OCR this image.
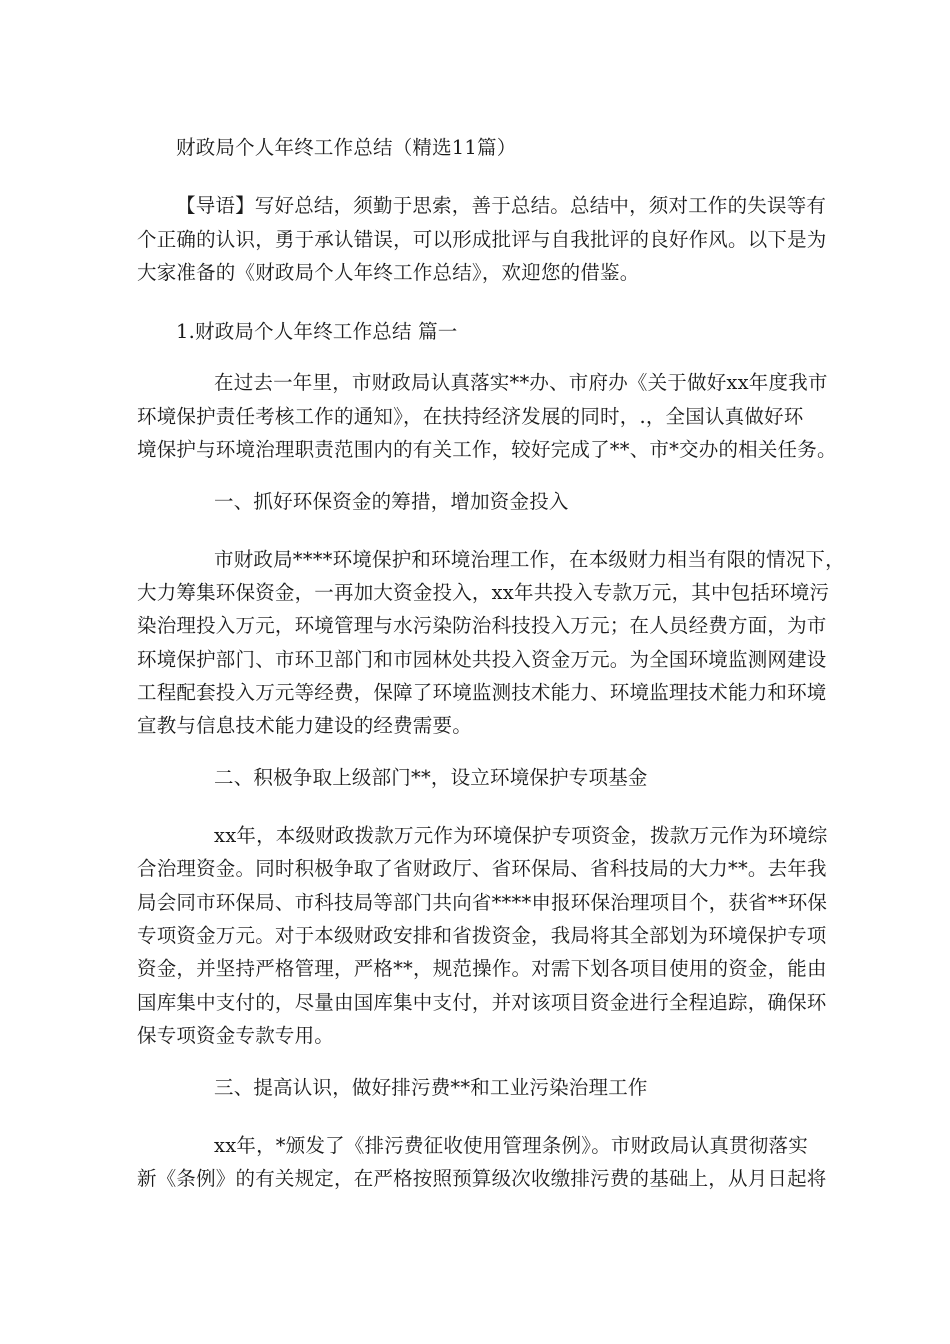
财政局个人年终工作总结（精选11篇）
【导语】写好总结，须勤于思索，善于总结。总结中，须对工作的失误等有
个正确的认识，勇于承认错误，可以形成批评与自我批评的良好作风。以下是为
大家准备的《财政局个人年终工作总结》，欢迎您的借鉴。
1.财政局个人年终工作总结 篇一
在过去一年里，市财政局认真落实**办、市府办《关于做好xx年度我市
环境保护责任考核工作的通知》，在扶持经济发展的同时，.，全国认真做好环
境保护与环境治理职责范围内的有关工作，较好完成了**、市*交办的相关任务。
一、抓好环保资金的筹措，增加资金投入
市财政局****环境保护和环境治理工作，在本级财力相当有限的情况下，
大力筹集环保资金，一再加大资金投入，xx年共投入专款万元，其中包括环境污
染治理投入万元，环境管理与水污染防治科技投入万元；在人员经费方面，为市
环境保护部门、市环卫部门和市园林处共投入资金万元。为全国环境监测网建设
工程配套投入万元等经费，保障了环境监测技术能力、环境监理技术能力和环境
宣教与信息技术能力建设的经费需要。
二、积极争取上级部门**，设立环境保护专项基金
xx年，本级财政拨款万元作为环境保护专项资金，拨款万元作为环境综
合治理资金。同时积极争取了省财政厅、省环保局、省科技局的大力**。去年我
局会同市环保局、市科技局等部门共向省****申报环保治理项目个，获省**环保
专项资金万元。对于本级财政安排和省拨资金，我局将其全部划为环境保护专项
资金，并坚持严格管理，严格**，规范操作。对需下划各项目使用的资金，能由
国库集中支付的，尽量由国库集中支付，并对该项目资金进行全程追踪，确保环
保专项资金专款专用。
三、提高认识，做好排污费**和工业污染治理工作
xx年，*颁发了《排污费征收使用管理条例》。市财政局认真贯彻落实
新《条例》的有关规定，在严格按照预算级次收缴排污费的基础上，从月日起将
